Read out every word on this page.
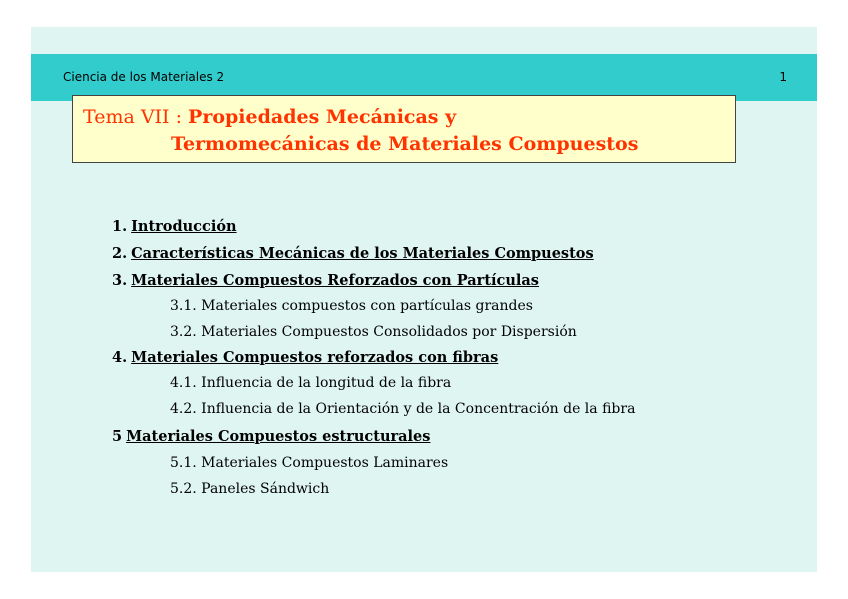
Ciencia de los Materiales 2	1
Tema VII : Propiedades Mecánicas y
Termomecánicas de Materiales Compuestos
1. Introducción
2. Características Mecánicas de los Materiales Compuestos
3. Materiales Compuestos Reforzados con Partículas
3.1. Materiales compuestos con partículas grandes
3.2. Materiales Compuestos Consolidados por Dispersión
4. Materiales Compuestos reforzados con fibras
4.1. Influencia de la longitud de la fibra
4.2. Influencia de la Orientación y de la Concentración de la fibra
5 Materiales Compuestos estructurales
5.1. Materiales Compuestos Laminares
5.2. Paneles Sándwich
